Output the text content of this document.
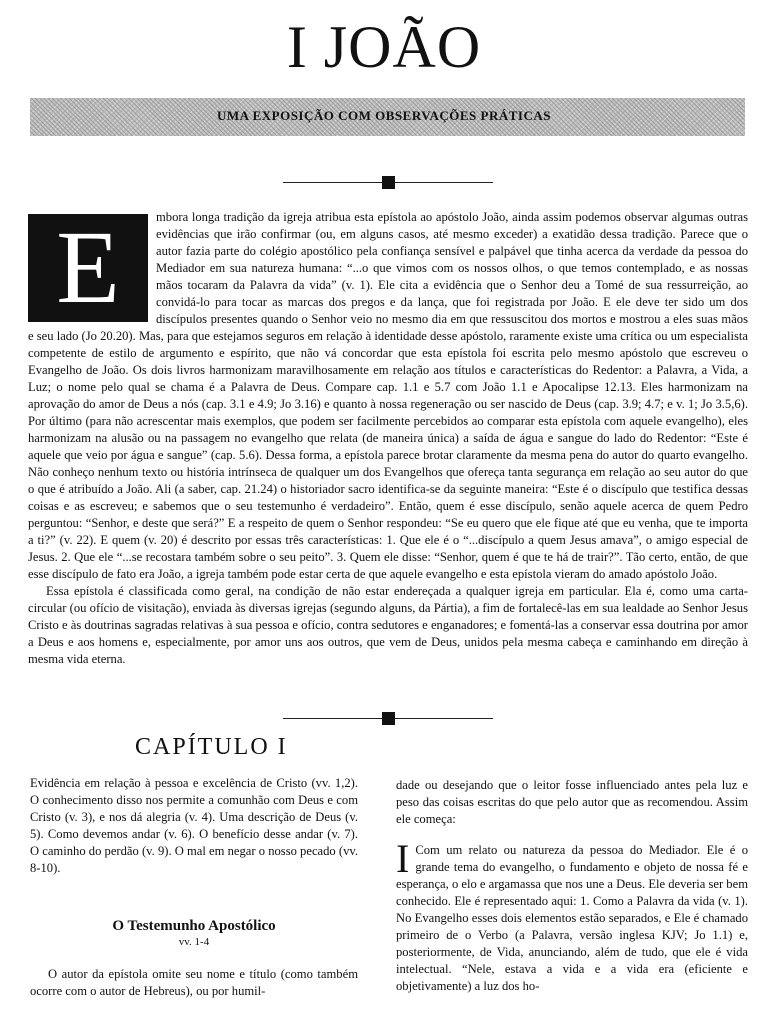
I JOÃO
UMA EXPOSIÇÃO COM OBSERVAÇÕES PRÁTICAS
E	mbora longa tradição da igreja atribua esta epístola ao apóstolo João, ainda assim podemos observar algumas outras evidências que irão confirmar (ou, em alguns casos, até mesmo exceder) a exatidão dessa tradição. Parece que o autor fazia parte do colégio apostólico pela confiança sensível e palpável que tinha acerca da verdade da pessoa do Mediador em sua natureza humana: “...o que vimos com os nossos olhos, o que temos contemplado, e as nossas mãos tocaram da Palavra da vida” (v. 1). Ele cita a evidência que o Senhor deu a Tomé de sua ressurreição, ao convidá-lo para tocar as marcas dos pregos e da lança, que foi registrada por João. E ele deve ter sido um dos discípulos presentes quando o Senhor veio no mesmo dia em que ressuscitou dos mortos e mostrou a eles suas mãos e seu lado (Jo 20.20). Mas, para que estejamos seguros em relação à identidade desse apóstolo, raramente existe uma crítica ou um especialista competente de estilo de argumento e espírito, que não vá concordar que esta epístola foi escrita pelo mesmo apóstolo que escreveu o Evangelho de João. Os dois livros harmonizam maravilhosamente em relação aos títulos e características do Redentor: a Palavra, a Vida, a Luz; o nome pelo qual se chama é a Palavra de Deus. Compare cap. 1.1 e 5.7 com João 1.1 e Apocalipse 12.13. Eles harmonizam na aprovação do amor de Deus a nós (cap. 3.1 e 4.9; Jo 3.16) e quanto à nossa regeneração ou ser nascido de Deus (cap. 3.9; 4.7; e v. 1; Jo 3.5,6). Por último (para não acrescentar mais exemplos, que podem ser facilmente percebidos ao comparar esta epístola com aquele evangelho), eles harmonizam na alusão ou na passagem no evangelho que relata (de maneira única) a saída de água e sangue do lado do Redentor: “Este é aquele que veio por água e sangue” (cap. 5.6). Dessa forma, a epístola parece brotar claramente da mesma pena do autor do quarto evangelho. Não conheço nenhum texto ou história intrínseca de qualquer um dos Evangelhos que ofereça tanta segurança em relação ao seu autor do que o que é atribuído a João. Ali (a saber, cap. 21.24) o historiador sacro identifica-se da seguinte maneira: “Este é o discípulo que testifica dessas coisas e as escreveu; e sabemos que o seu testemunho é verdadeiro”. Então, quem é esse discípulo, senão aquele acerca de quem Pedro perguntou: “Senhor, e deste que será?” E a respeito de quem o Senhor respondeu: “Se eu quero que ele fique até que eu venha, que te importa a ti?” (v. 22). E quem (v. 20) é descrito por essas três características: 1. Que ele é o “...discípulo a quem Jesus amava”, o amigo especial de Jesus. 2. Que ele “...se recostara também sobre o seu peito”. 3. Quem ele disse: “Senhor, quem é que te há de trair?”. Tão certo, então, de que esse discípulo de fato era João, a igreja também pode estar certa de que aquele evangelho e esta epístola vieram do amado apóstolo João.

Essa epístola é classificada como geral, na condição de não estar endereçada a qualquer igreja em particular. Ela é, como uma carta-circular (ou ofício de visitação), enviada às diversas igrejas (segundo alguns, da Pártia), a fim de fortalecê-las em sua lealdade ao Senhor Jesus Cristo e às doutrinas sagradas relativas à sua pessoa e ofício, contra sedutores e enganadores; e fomentá-las a conservar essa doutrina por amor a Deus e aos homens e, especialmente, por amor uns aos outros, que vem de Deus, unidos pela mesma cabeça e caminhando em direção à mesma vida eterna.

CAPÍTULO I
Evidência em relação à pessoa e excelência de Cristo (vv. 1,2). O conhecimento disso nos permite a comunhão com Deus e com Cristo (v. 3), e nos dá alegria (v. 4). Uma descrição de Deus (v. 5). Como devemos andar (v. 6). O benefício desse andar (v. 7). O caminho do perdão (v. 9). O mal em negar o nosso pecado (vv. 8-10).
dade ou desejando que o leitor fosse influenciado antes pela luz e peso das coisas escritas do que pelo autor que as recomendou. Assim ele começa:
O Testemunho Apostólico
vv. 1-4
O autor da epístola omite seu nome e título (como também ocorre com o autor de Hebreus), ou por humil-
I Com um relato ou natureza da pessoa do Mediador. Ele é o grande tema do evangelho, o fundamento e objeto de nossa fé e esperança, o elo e argamassa que nos une a Deus. Ele deveria ser bem conhecido. Ele é representado aqui: 1. Como a Palavra da vida (v. 1). No Evangelho esses dois elementos estão separados, e Ele é chamado primeiro de o Verbo (a Palavra, versão inglesa KJV; Jo 1.1) e, posteriormente, de Vida, anunciando, além de tudo, que ele é vida intelectual. “Nele, estava a vida e a vida era (eficiente e objetivamente) a luz dos ho-
